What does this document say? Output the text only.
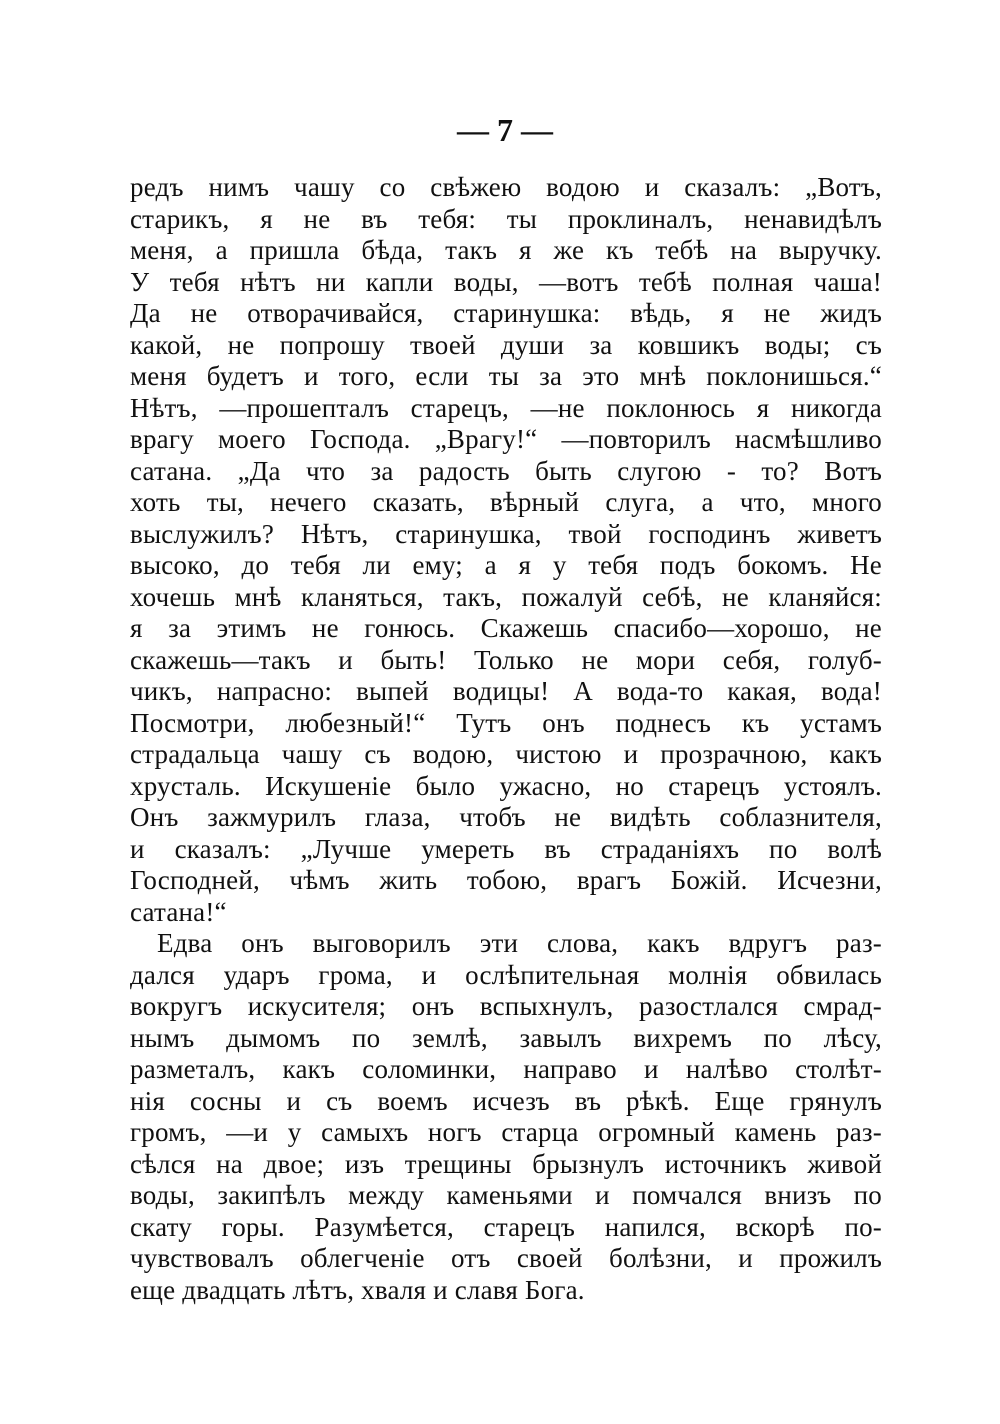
— 7 —
редъ нимъ чашу со свѣжею водою и сказалъ: „Вотъ,
старикъ, я не въ тебя: ты проклиналъ, ненавидѣлъ
меня, а пришла бѣда, такъ я же къ тебѣ на выручку.
У тебя нѣтъ ни капли воды, —вотъ тебѣ полная чаша!
Да не отворачивайся, старинушка: вѣдь, я не жидъ
какой, не попрошу твоей души за ковшикъ воды; съ
меня будетъ и того, если ты за это мнѣ поклонишься.“
Нѣтъ, —прошепталъ старецъ, —не поклонюсь я никогда
врагу моего Господа. „Врагу!“ —повторилъ насмѣшливо
сатана. „Да что за радость быть слугою - то? Вотъ
хоть ты, нечего сказать, вѣрный слуга, а что, много
выслужилъ? Нѣтъ, старинушка, твой господинъ живетъ
высоко, до тебя ли ему; а я у тебя подъ бокомъ. Не
хочешь мнѣ кланяться, такъ, пожалуй себѣ, не кланяйся:
я за этимъ не гонюсь. Скажешь спасибо—хорошо, не
скажешь—такъ и быть! Только не мори себя, голуб-
чикъ, напрасно: выпей водицы! А вода-то какая, вода!
Посмотри, любезный!“ Тутъ онъ поднесъ къ устамъ
страдальца чашу съ водою, чистою и прозрачною, какъ
хрусталь. Искушеніе было ужасно, но старецъ устоялъ.
Онъ зажмурилъ глаза, чтобъ не видѣть соблазнителя,
и сказалъ: „Лучше умереть въ страданіяхъ по волѣ
Господней, чѣмъ жить тобою, врагъ Божій. Исчезни,
сатана!“
Едва онъ выговорилъ эти слова, какъ вдругъ раз-
дался ударъ грома, и ослѣпительная молнія обвилась
вокругъ искусителя; онъ вспыхнулъ, разостлался смрад-
нымъ дымомъ по землѣ, завылъ вихремъ по лѣсу,
разметалъ, какъ соломинки, направо и налѣво столѣт-
нія сосны и съ воемъ исчезъ въ рѣкѣ. Еще грянулъ
громъ, —и у самыхъ ногъ старца огромный камень раз-
сѣлся на двое; изъ трещины брызнулъ источникъ живой
воды, закипѣлъ между каменьями и помчался внизъ по
скату горы. Разумѣется, старецъ напился, вскорѣ по-
чувствовалъ облегченіе отъ своей болѣзни, и прожилъ
еще двадцать лѣтъ, хваля и славя Бога.
